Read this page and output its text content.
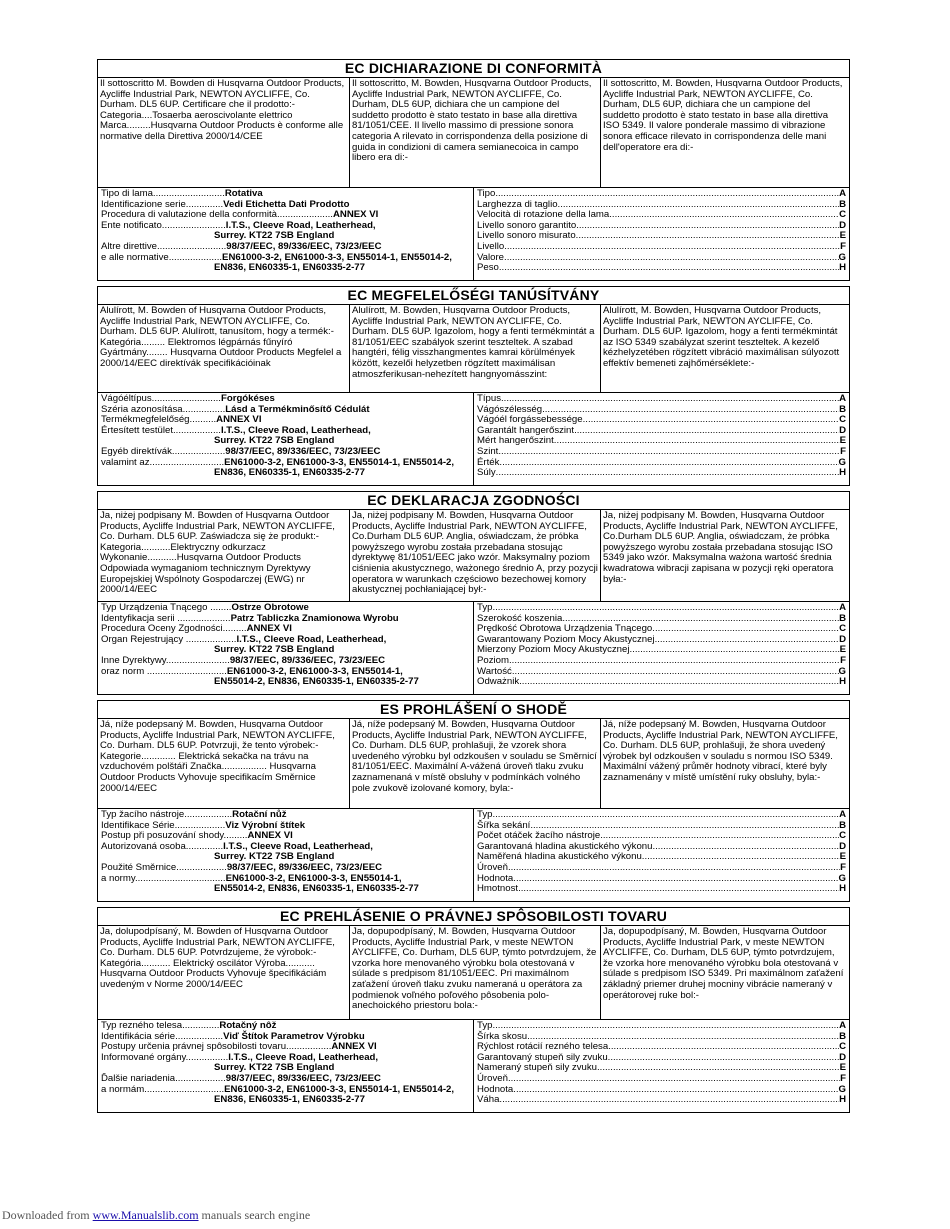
EC DICHIARAZIONE DI CONFORMITÀ
Il sottoscritto M. Bowden di Husqvarna Outdoor Products, Aycliffe Industrial Park, NEWTON AYCLIFFE, Co. Durham. DL5 6UP. Certificare che il prodotto:- Categoria....Tosaerba aeroscivolante elettrico Marca.........Husqvarna Outdoor Products è conforme alle normative della Direttiva 2000/14/CEE
Il sottoscritto, M. Bowden, Husqvarna Outdoor Products, Aycliffe Industrial Park, NEWTON AYCLIFFE, Co. Durham, DL5 6UP, dichiara che un campione del suddetto prodotto è stato testato in base alla direttiva 81/1051/CEE. Il livello massimo di pressione sonora categoria A rilevato in corrispondenza della posizione di guida in condizioni di camera semianecoica in campo libero era di:-
Il sottoscritto, M. Bowden, Husqvarna Outdoor Products, Aycliffe Industrial Park, NEWTON AYCLIFFE, Co. Durham, DL5 6UP, dichiara che un campione del suddetto prodotto è stato testato in base alla direttiva ISO 5349. Il valore ponderale massimo di vibrazione sonora efficace rilevato in corrispondenza delle mani dell'operatore era di:-
Tipo di lama........................... Rotativa
Identificazione serie.............. Vedi Etichetta Dati Prodotto
Procedura di valutazione della conformità..................... ANNEX VI
Ente notificato........................ I.T.S., Cleeve Road, Leatherhead,
Surrey. KT22 7SB England
Altre direttive.......................... 98/37/EEC, 89/336/EEC, 73/23/EEC
e alle normative.................... EN61000-3-2, EN61000-3-3, EN55014-1, EN55014-2,
EN836, EN60335-1, EN60335-2-77
Tipo .....	A
Larghezza di taglio .....	B
Velocità di rotazione della lama .....	C
Livello sonoro garantito .....	D
Livello sonoro misurato .....	E
Livello .....	F
Valore .....	G
Peso .....	H
EC MEGFELELŐSÉGI TANÚSÍTVÁNY
Alulírott, M. Bowden of Husqvarna Outdoor Products, Aycliffe Industrial Park, NEWTON AYCLIFFE, Co. Durham. DL5 6UP. Alulírott, tanusítom, hogy a termék:- Kategória......... Elektromos légpárnás fűnyíró Gyártmány........ Husqvarna Outdoor Products Megfelel a 2000/14/EEC direktívák specifikációinak
Alulírott, M. Bowden, Husqvarna Outdoor Products, Aycliffe Industrial Park, NEWTON AYCLIFFE, Co. Durham. DL5 6UP. Igazolom, hogy a fenti termékmintát a 81/1051/EEC szabályok szerint teszteltek. A szabad hangtéri, félig visszhangmentes kamrai körülmények között, kezelői helyzetben rögzített maximálisan atmoszferikusan-nehezített hangnyomásszint:
Alulírott, M. Bowden, Husqvarna Outdoor Products, Aycliffe Industrial Park, NEWTON AYCLIFFE, Co. Durham. DL5 6UP. Igazolom, hogy a fenti termékmintát az ISO 5349 szabályzat szerint teszteltek. A kezelő kézhelyzetében rögzített vibráció maximálisan súlyozott effektív bemeneti zajhőmérséklete:-
Vágóéltípus.......................... Forgókéses
Széria azonosítása................ Lásd a Termékminősítő Cédulát
Termékmegfelelőség.......... ANNEX VI
Értesített testület.................. I.T.S., Cleeve Road, Leatherhead,
Surrey. KT22 7SB England
Egyéb direktívák.................... 98/37/EEC, 89/336/EEC, 73/23/EEC
valamint az............................ EN61000-3-2, EN61000-3-3, EN55014-1, EN55014-2,
EN836, EN60335-1, EN60335-2-77
Típus .....	A
Vágószélesség .....	B
Vágóél forgássebessége .....	C
Garantált hangerőszint .....	D
Mért hangerőszint .....	E
Szint .....	F
Érték .....	G
Súly .....	H
EC DEKLARACJA ZGODNOŚCI
Ja, niżej podpisany M. Bowden of Husqvarna Outdoor Products, Aycliffe Industrial Park, NEWTON AYCLIFFE, Co. Durham. DL5 6UP. Zaświadcza się że produkt:- Kategoria...........Elektryczny odkurzacz Wykonanie...........Husqvarna Outdoor Products Odpowiada wymaganiom technicznym Dyrektywy Europejskiej Wspólnoty Gospodarczej (EWG) nr 2000/14/EEC
Ja, niżej podpisany M. Bowden, Husqvarna Outdoor Products, Aycliffe Industrial Park, NEWTON AYCLIFFE, Co.Durham DL5 6UP. Anglia, oświadczam, że próbka powyższego wyrobu została przebadana stosując dyrektywę 81/1051/EEC jako wzór. Maksymalny poziom ciśnienia akustycznego, ważonego średnio A, przy pozycji operatora w warunkach częściowo bezechowej komory akustycznej pochłaniającej był:-
Ja, niżej podpisany M. Bowden, Husqvarna Outdoor Products, Aycliffe Industrial Park, NEWTON AYCLIFFE, Co.Durham DL5 6UP. Anglia, oświadczam, że próbka powyższego wyrobu została przebadana stosując ISO 5349 jako wzór. Maksymalna ważona wartość średnia kwadratowa wibracji zapisana w pozycji ręki operatora była:-
Typ Urządzenia Tnącego ........ Ostrze Obrotowe
Identyfikacja serii .................... Patrz Tabliczka Znamionowa Wyrobu
Procedura Oceny Zgodności......... ANNEX VI
Organ Rejestrujący ................... I.T.S., Cleeve Road, Leatherhead,
Surrey. KT22 7SB England
Inne Dyrektywy........................ 98/37/EEC, 89/336/EEC, 73/23/EEC
oraz norm .............................. EN61000-3-2, EN61000-3-3, EN55014-1,
EN55014-2, EN836, EN60335-1, EN60335-2-77
Typ .....	A
Szerokość koszenia .....	B
Prędkość Obrotowa Urządzenia Tnącego .....	C
Gwarantowany Poziom Mocy Akustycznej .....	D
Mierzony Poziom Mocy Akustycznej .....	E
Poziom .....	F
Wartość .....	G
Odważnik .....	H
ES PROHLÁŠENÍ O SHODĚ
Já, níže podepsaný M. Bowden, Husqvarna Outdoor Products, Aycliffe Industrial Park, NEWTON AYCLIFFE, Co. Durham. DL5 6UP. Potvrzuji, že tento výrobek:- Kategorie............. Elektrická sekačka na trávu na vzduchovém polštáři Značka................. Husqvarna Outdoor Products Vyhovuje specifikacím Směrnice 2000/14/EEC
Já, níže podepsaný M. Bowden, Husqvarna Outdoor Products, Aycliffe Industrial Park, NEWTON AYCLIFFE, Co. Durham. DL5 6UP, prohlašuji, že vzorek shora uvedeného výrobku byl odzkoušen v souladu se Směrnicí 81/1051/EEC. Maximální A-vážená úroveň tlaku zvuku zaznamenaná v místě obsluhy v podmínkách volného pole zvukově izolované komory, byla:-
Já, níže podepsaný M. Bowden, Husqvarna Outdoor Products, Aycliffe Industrial Park, NEWTON AYCLIFFE, Co. Durham. DL5 6UP, prohlašuji, že shora uvedený výrobek byl odzkoušen v souladu s normou ISO 5349. Maximální vážený průměr hodnoty vibrací, které byly zaznamenány v místě umístění ruky obsluhy, byla:-
Typ žacího nástroje.................. Rotační nůž
Identifikace Série................... Viz Výrobní štítek
Postup při posuzování shody......... ANNEX VI
Autorizovaná osoba.............. I.T.S., Cleeve Road, Leatherhead,
Surrey. KT22 7SB England
Použité Směrnice................... 98/37/EEC, 89/336/EEC, 73/23/EEC
a normy.................................. EN61000-3-2, EN61000-3-3, EN55014-1,
EN55014-2, EN836, EN60335-1, EN60335-2-77
Typ .....	A
Šířka sekání .....	B
Počet otáček žacího nástroje .....	C
Garantovaná hladina akustického výkonu .....	D
Naměřená hladina akustického výkonu .....	E
Úroveň .....	F
Hodnota .....	G
Hmotnost .....	H
EC PREHLÁSENIE O PRÁVNEJ SPÔSOBILOSTI TOVARU
Ja, dolupodpísaný, M. Bowden of Husqvarna Outdoor Products, Aycliffe Industrial Park, NEWTON AYCLIFFE, Co. Durham. DL5 6UP. Potvrdzujeme, že výrobok:- Kategória........... Elektrický oscilátor Výroba........... Husqvarna Outdoor Products Vyhovuje špecifikáciám uvedeným v Norme 2000/14/EEC
Ja, dopupodpísaný, M. Bowden, Husqvarna Outdoor Products, Aycliffe Industrial Park, v meste NEWTON AYCLIFFE, Co. Durham, DL5 6UP, týmto potvrdzujem, že vzorka hore menovaného výrobku bola otestovaná v súlade s predpisom 81/1051/EEC. Pri maximálnom zaťažení úroveň tlaku zvuku nameraná u operátora za podmienok voľného poľového pôsobenia polo-anechoického priestoru bola:-
Ja, dopupodpísaný, M. Bowden, Husqvarna Outdoor Products, Aycliffe Industrial Park, v meste NEWTON AYCLIFFE, Co. Durham, DL5 6UP, týmto potvrdzujem, že vzorka hore menovaného výrobku bola otestovaná v súlade s predpisom ISO 5349. Pri maximálnom zaťažení základný priemer druhej mocniny vibrácie nameraný v operátorovej ruke bol:-
Typ rezného telesa.............. Rotačný nôž
Identifikácia série.................. Viď Štítok Parametrov Výrobku
Postupy určenia právnej spôsobilosti tovaru................. ANNEX VI
Informované orgány................ I.T.S., Cleeve Road, Leatherhead,
Surrey. KT22 7SB England
Ďalšie nariadenia................... 98/37/EEC, 89/336/EEC, 73/23/EEC
a normám.............................. EN61000-3-2, EN61000-3-3, EN55014-1, EN55014-2,
EN836, EN60335-1, EN60335-2-77
Typ .....	A
Šírka skosu .....	B
Rýchlost rotácií rezného telesa .....	C
Garantovaný stupeň sily zvuku .....	D
Nameraný stupeň sily zvuku .....	E
Úroveň .....	F
Hodnota .....	G
Váha .....	H
Downloaded from www.Manualslib.com manuals search engine
